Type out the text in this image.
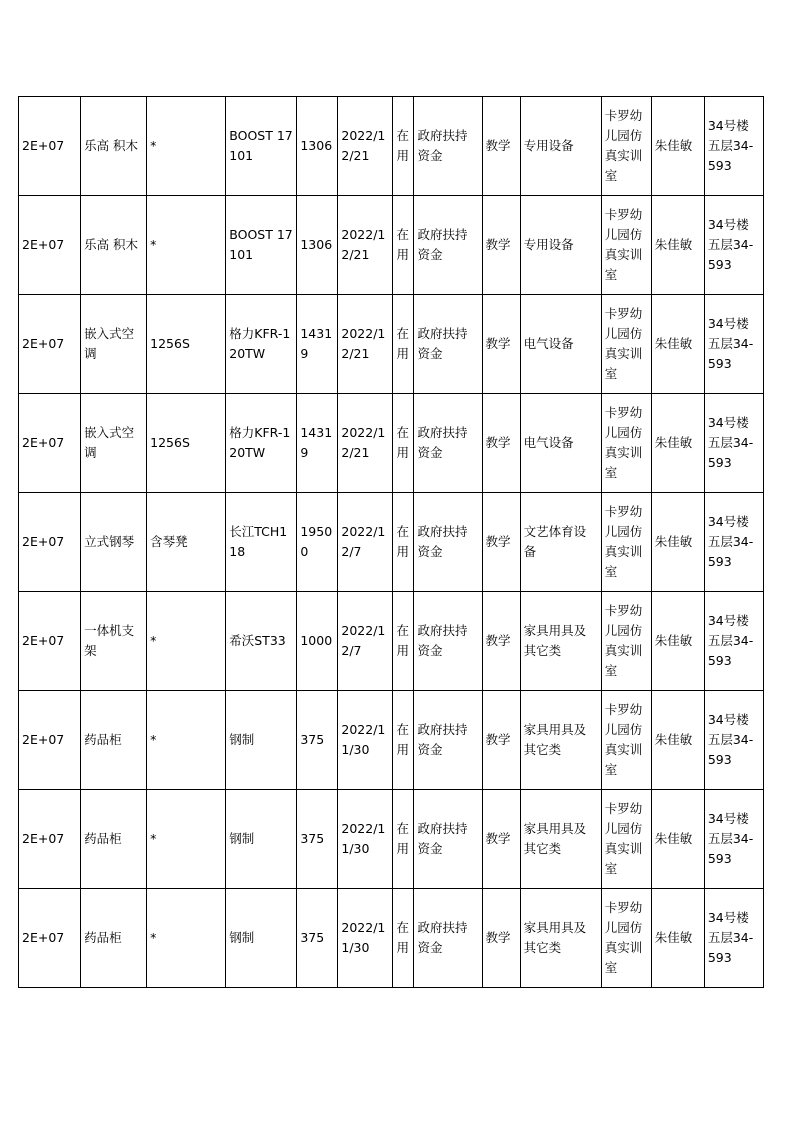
2E+07	乐高 积木	*	BOOST 17101	1306	2022/12/21	在用	政府扶持资金	教学	专用设备	卡罗幼儿园仿真实训室	朱佳敏	34号楼五层34-593
2E+07	乐高 积木	*	BOOST 17101	1306	2022/12/21	在用	政府扶持资金	教学	专用设备	卡罗幼儿园仿真实训室	朱佳敏	34号楼五层34-593
2E+07	嵌入式空调	1256S	格力KFR-120TW	14319	2022/12/21	在用	政府扶持资金	教学	电气设备	卡罗幼儿园仿真实训室	朱佳敏	34号楼五层34-593
2E+07	嵌入式空调	1256S	格力KFR-120TW	14319	2022/12/21	在用	政府扶持资金	教学	电气设备	卡罗幼儿园仿真实训室	朱佳敏	34号楼五层34-593
2E+07	立式钢琴	含琴凳	长江TCH118	19500	2022/12/7	在用	政府扶持资金	教学	文艺体育设备	卡罗幼儿园仿真实训室	朱佳敏	34号楼五层34-593
2E+07	一体机支架	*	希沃ST33	1000	2022/12/7	在用	政府扶持资金	教学	家具用具及其它类	卡罗幼儿园仿真实训室	朱佳敏	34号楼五层34-593
2E+07	药品柜	*	钢制	375	2022/11/30	在用	政府扶持资金	教学	家具用具及其它类	卡罗幼儿园仿真实训室	朱佳敏	34号楼五层34-593
2E+07	药品柜	*	钢制	375	2022/11/30	在用	政府扶持资金	教学	家具用具及其它类	卡罗幼儿园仿真实训室	朱佳敏	34号楼五层34-593
2E+07	药品柜	*	钢制	375	2022/11/30	在用	政府扶持资金	教学	家具用具及其它类	卡罗幼儿园仿真实训室	朱佳敏	34号楼五层34-593
